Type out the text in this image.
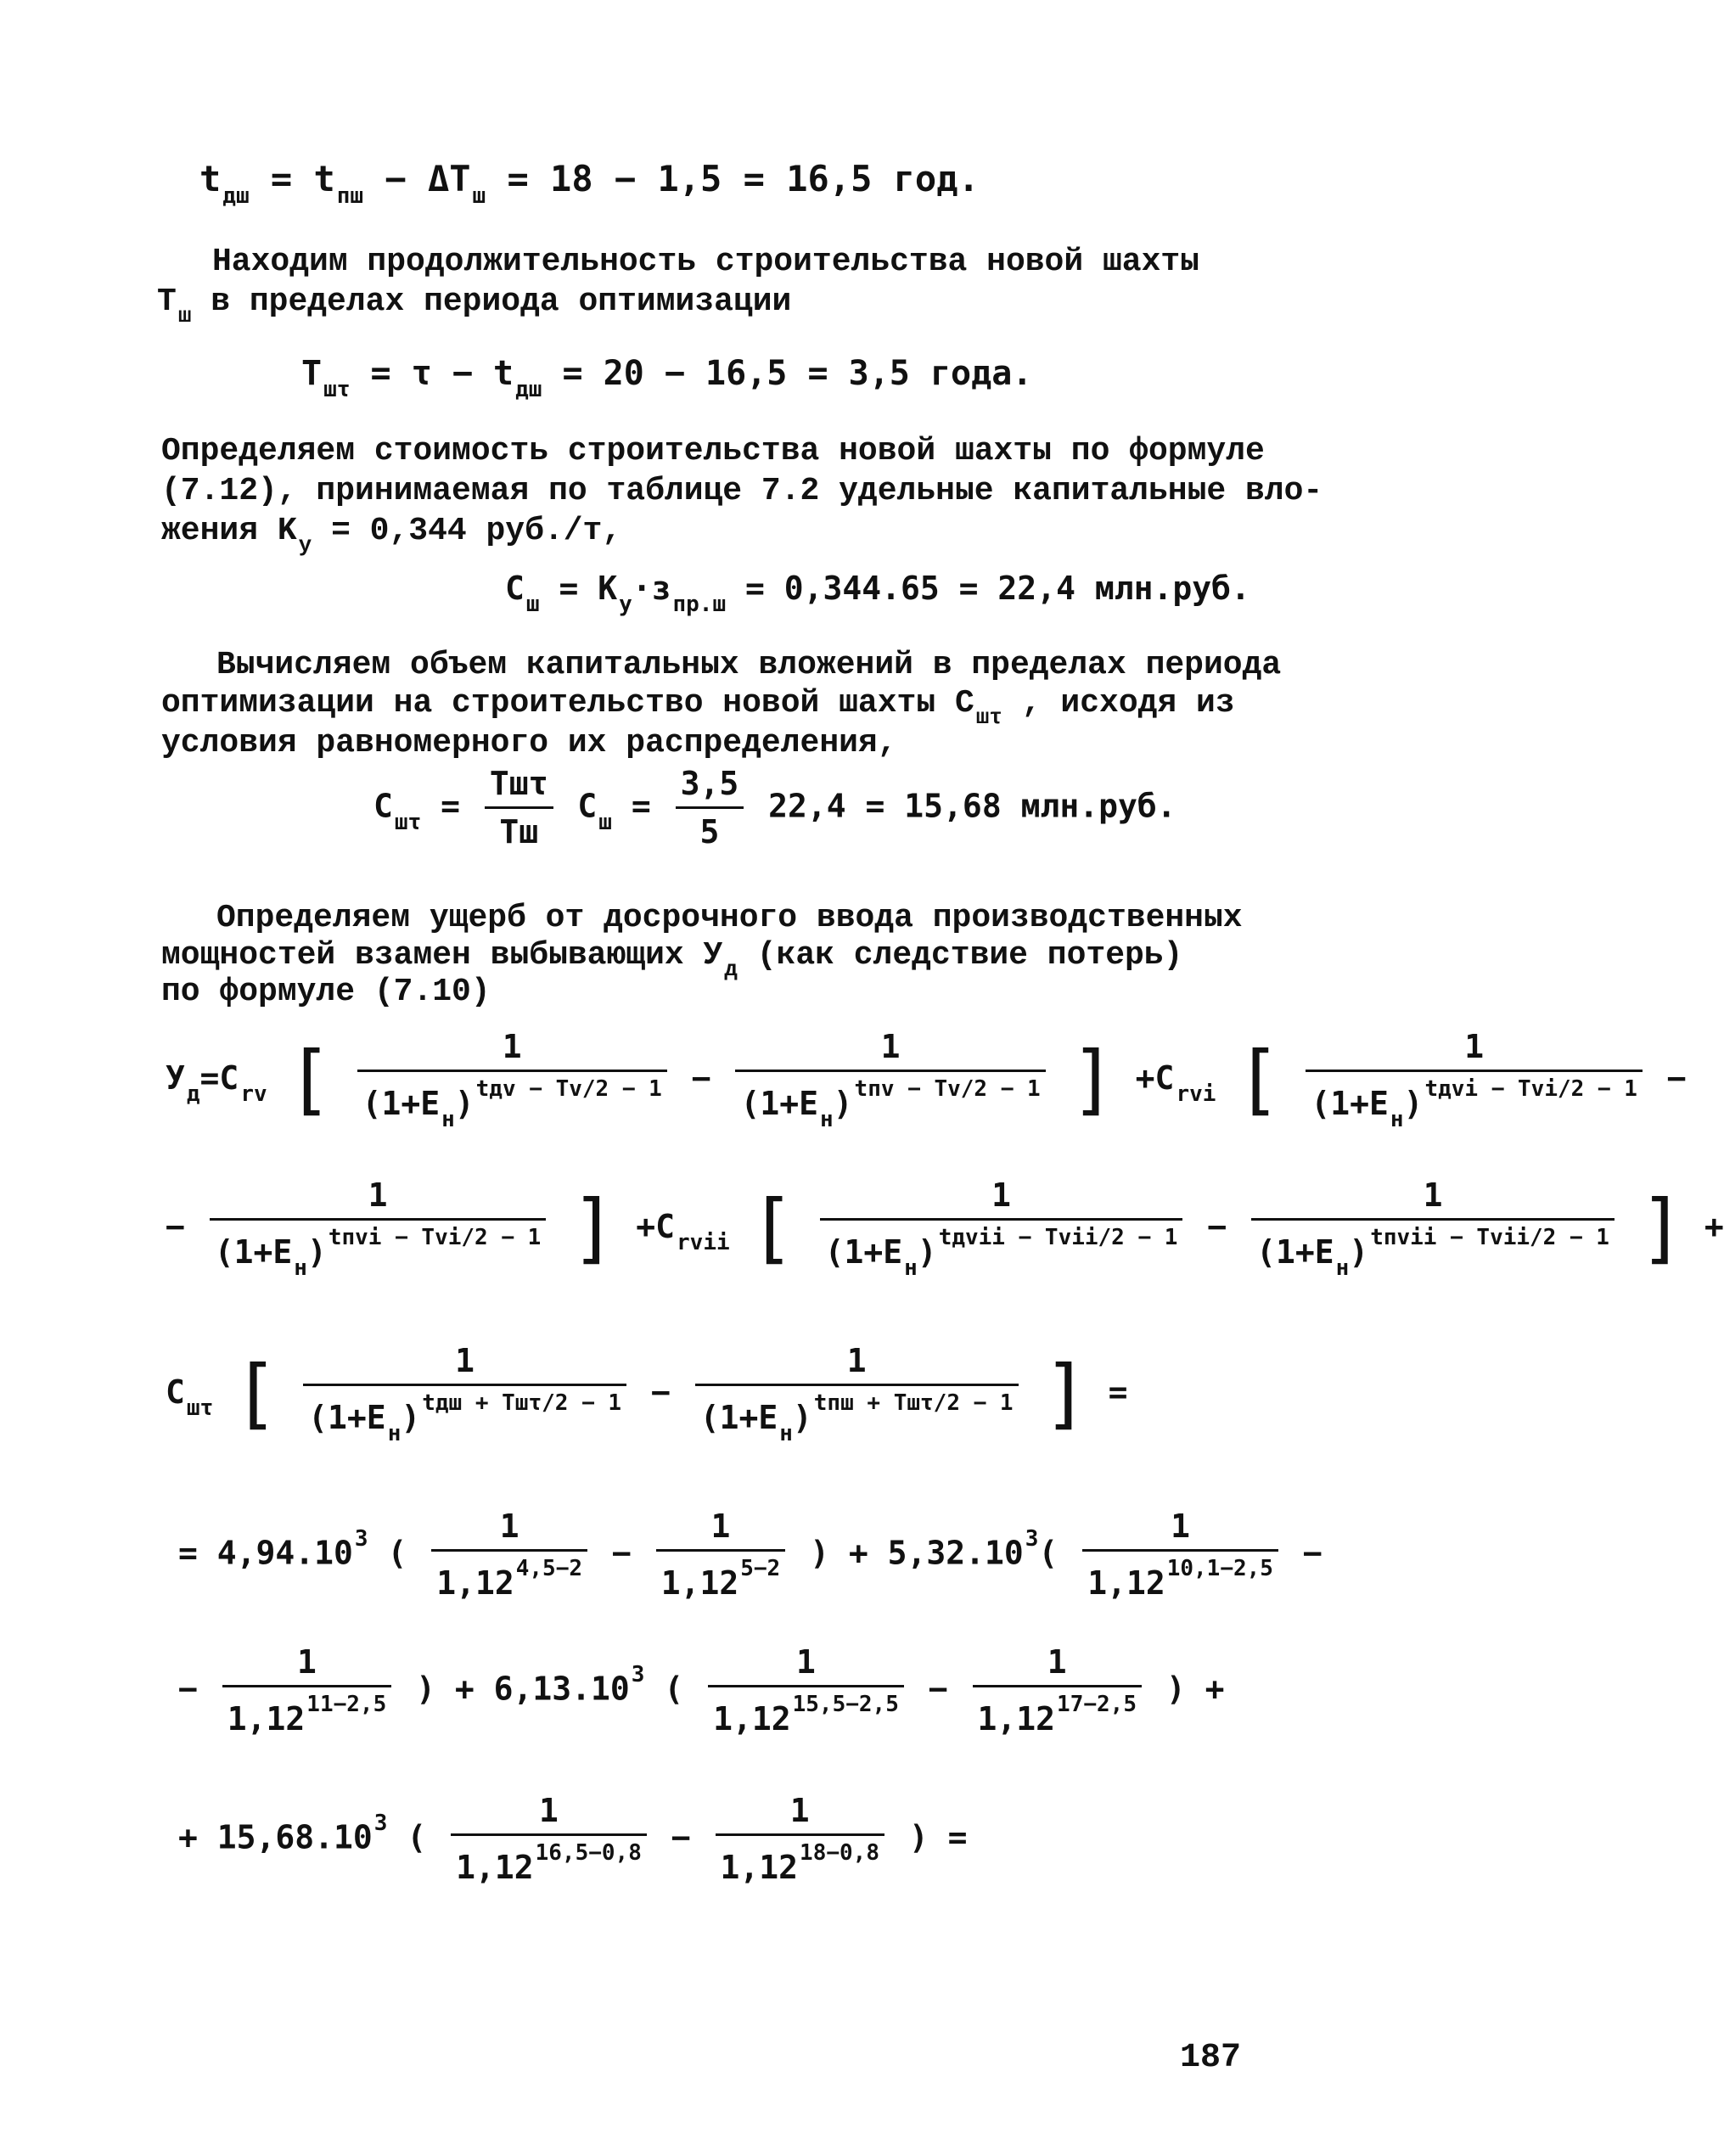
$t_{дш} = t_{пш} - \Delta T_ш = 18 - 1,5 = 16,5$ год.
Находим продолжительность строительства новой шахты
$T_ш$ в пределах периода оптимизации
$T_{ш\tau} = \tau - t_{дш} = 20 - 16,5 = 3,5$ года.
Определяем стоимость строительства новой шахты по формуле
(7.12), принимаемая по таблице 7.2 удельные капитальные вло-
жения $K_у = 0,344$ руб./т,
$C_ш = K_у\cdot з_{пр.ш} = 0,344.65 = 22,4$ млн.руб.
Вычисляем объем капитальных вложений в пределах периода
оптимизации на строительство новой шахты $C_{ш\tau}$ , исходя из
условия равномерного их распределения,
$C_{ш\tau} = \frac{\text{Tшτ}}{Tш} C_ш = \frac{3,5}{5} 22,4 = 15,68$ млн.руб.
Определяем ущерб от досрочного ввода производственных
мощностей взамен выбывающих $У_д$ (как следствие потерь)
по формуле (7.10)
$У_д=C_{rv}$ [ $\frac{1}{(1+E_н)^{tдv - Tv/2 - 1}} - \frac{1}{(1+E_н)^{tпv - Tv/2 - 1}}$ ] $+C_{rvi}$ [ $\frac{1}{(1+E_н)^{tдvi - Tvi/2 - 1}}$ −
− $\frac{1}{(1+E_н)^{tпvi - Tvi/2 - 1}}$ ] $+C_{rvii}$ [ $\frac{1}{(1+E_н)^{tдvii - Tvii/2 - 1}} - \frac{1}{(1+E_н)^{tпvii - Tvii/2 - 1}}$ ] +
$C_{ш\tau}$ [ $\frac{1}{(1+E_н)^{tдш + Tш\tau/2 - 1}} - \frac{1}{(1+E_н)^{tпш + Tш\tau/2 - 1}}$ ] =
= $4,94.10^3$ ( $\frac{1}{1,12^{4,5-2}} - \frac{1}{1,12^{5-2}}$ ) + $5,32.10^3( \frac{1}{1,12^{10,1-2,5}}$ −
− $\frac{1}{1,12^{11-2,5}}$ ) + $6,13.10^3$ ( $\frac{1}{1,12^{15,5-2,5}} - \frac{1}{1,12^{17-2,5}}$ ) +
+ $15,68.10^3$ ( $\frac{1}{1,12^{16,5-0,8}} - \frac{1}{1,12^{18-0,8}}$ ) =
187
